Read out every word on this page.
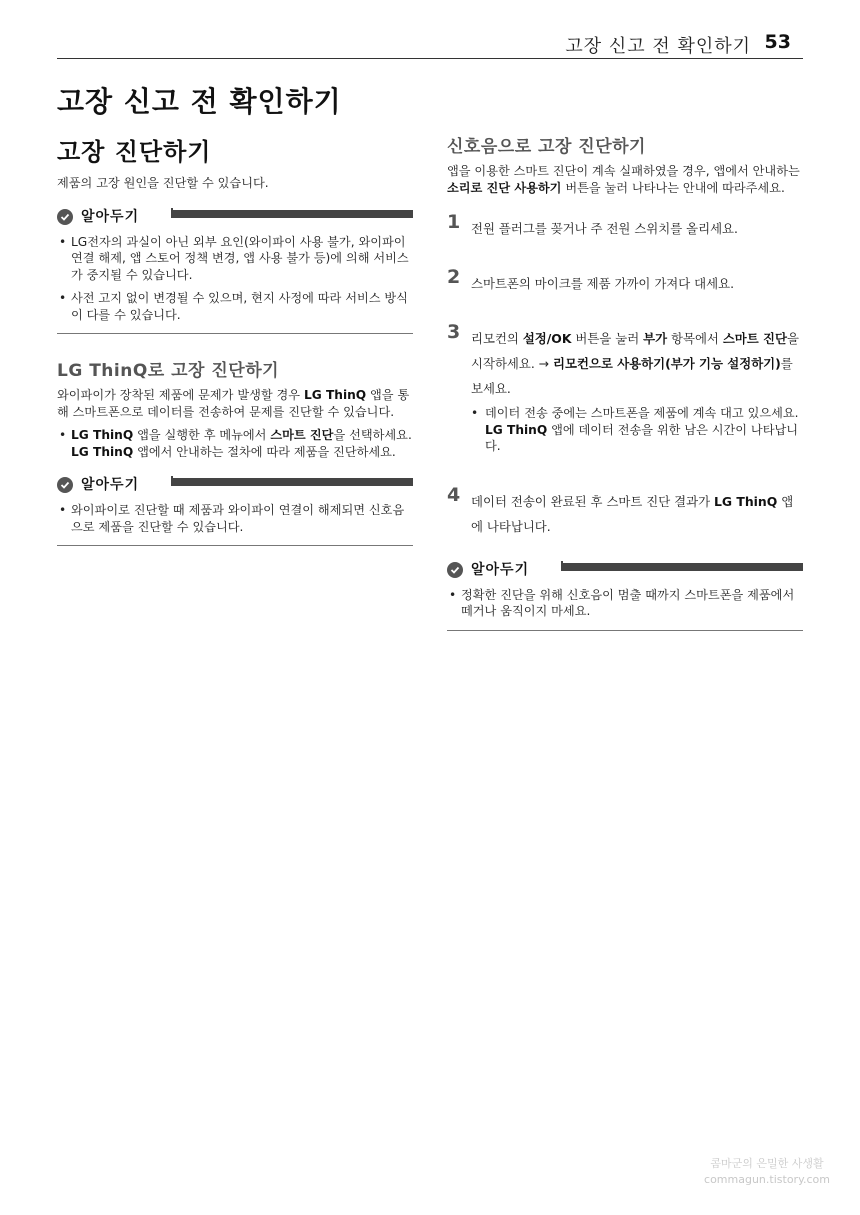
고장 신고 전 확인하기 53
고장 신고 전 확인하기
고장 진단하기

제품의 고장 원인을 진단할 수 있습니다.

알아두기
• LG전자의 과실이 아닌 외부 요인(와이파이 사용 불가, 와이파이 연결 해제, 앱 스토어 정책 변경, 앱 사용 불가 등)에 의해 서비스가 중지될 수 있습니다.
• 사전 고지 없이 변경될 수 있으며, 현지 사정에 따라 서비스 방식이 다를 수 있습니다.
LG ThinQ로 고장 진단하기

와이파이가 장착된 제품에 문제가 발생할 경우 LG ThinQ 앱을 통해 스마트폰으로 데이터를 전송하여 문제를 진단할 수 있습니다.

• LG ThinQ 앱을 실행한 후 메뉴에서 스마트 진단을 선택하세요. LG ThinQ 앱에서 안내하는 절차에 따라 제품을 진단하세요.
알아두기
• 와이파이로 진단할 때 제품과 와이파이 연결이 해제되면 신호음으로 제품을 진단할 수 있습니다.
신호음으로 고장 진단하기

앱을 이용한 스마트 진단이 계속 실패하였을 경우, 앱에서 안내하는 소리로 진단 사용하기 버튼을 눌러 나타나는 안내에 따라주세요.

1 전원 플러그를 꽂거나 주 전원 스위치를 올리세요.
2 스마트폰의 마이크를 제품 가까이 가져다 대세요.
3 리모컨의 설정/OK 버튼을 눌러 부가 항목에서 스마트 진단을 시작하세요. → 리모컨으로 사용하기(부가 기능 설정하기)를 보세요.
• 데이터 전송 중에는 스마트폰을 제품에 계속 대고 있으세요. LG ThinQ 앱에 데이터 전송을 위한 남은 시간이 나타납니다.
4 데이터 전송이 완료된 후 스마트 진단 결과가 LG ThinQ 앱에 나타납니다.
알아두기
• 정확한 진단을 위해 신호음이 멈출 때까지 스마트폰을 제품에서 떼거나 움직이지 마세요.
콤마군의 은밀한 사생활
commagun.tistory.com
